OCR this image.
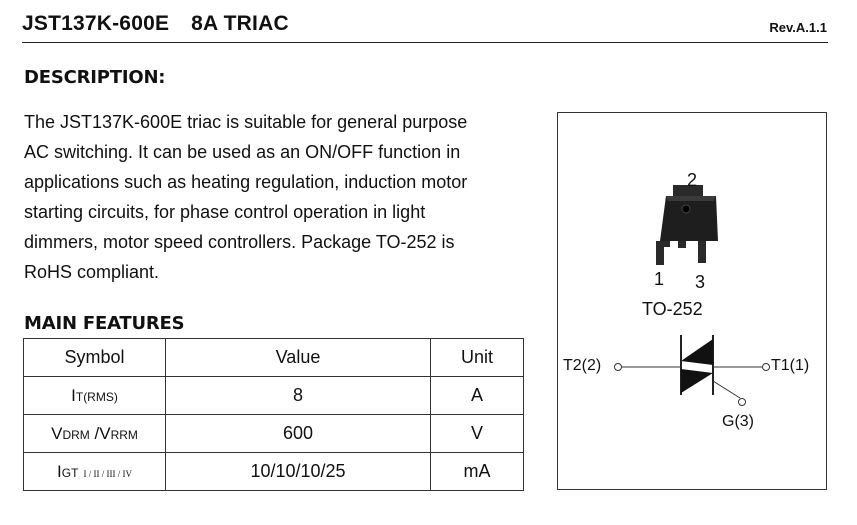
JST137K-600E 8A TRIAC	Rev.A.1.1
DESCRIPTION:
The JST137K-600E triac is suitable for general purpose
AC switching. It can be used as an ON/OFF function in
applications such as heating regulation, induction motor
starting circuits, for phase control operation in light
dimmers, motor speed controllers. Package TO-252 is
RoHS compliant.
MAIN FEATURES
Symbol	Value	Unit
IT(RMS)	8	A
VDRM /VRRM	600	V
IGT I / II / III / IV	10/10/10/25	mA
2
1 3
TO-252
T2(2)	T1(1)
G(3)
